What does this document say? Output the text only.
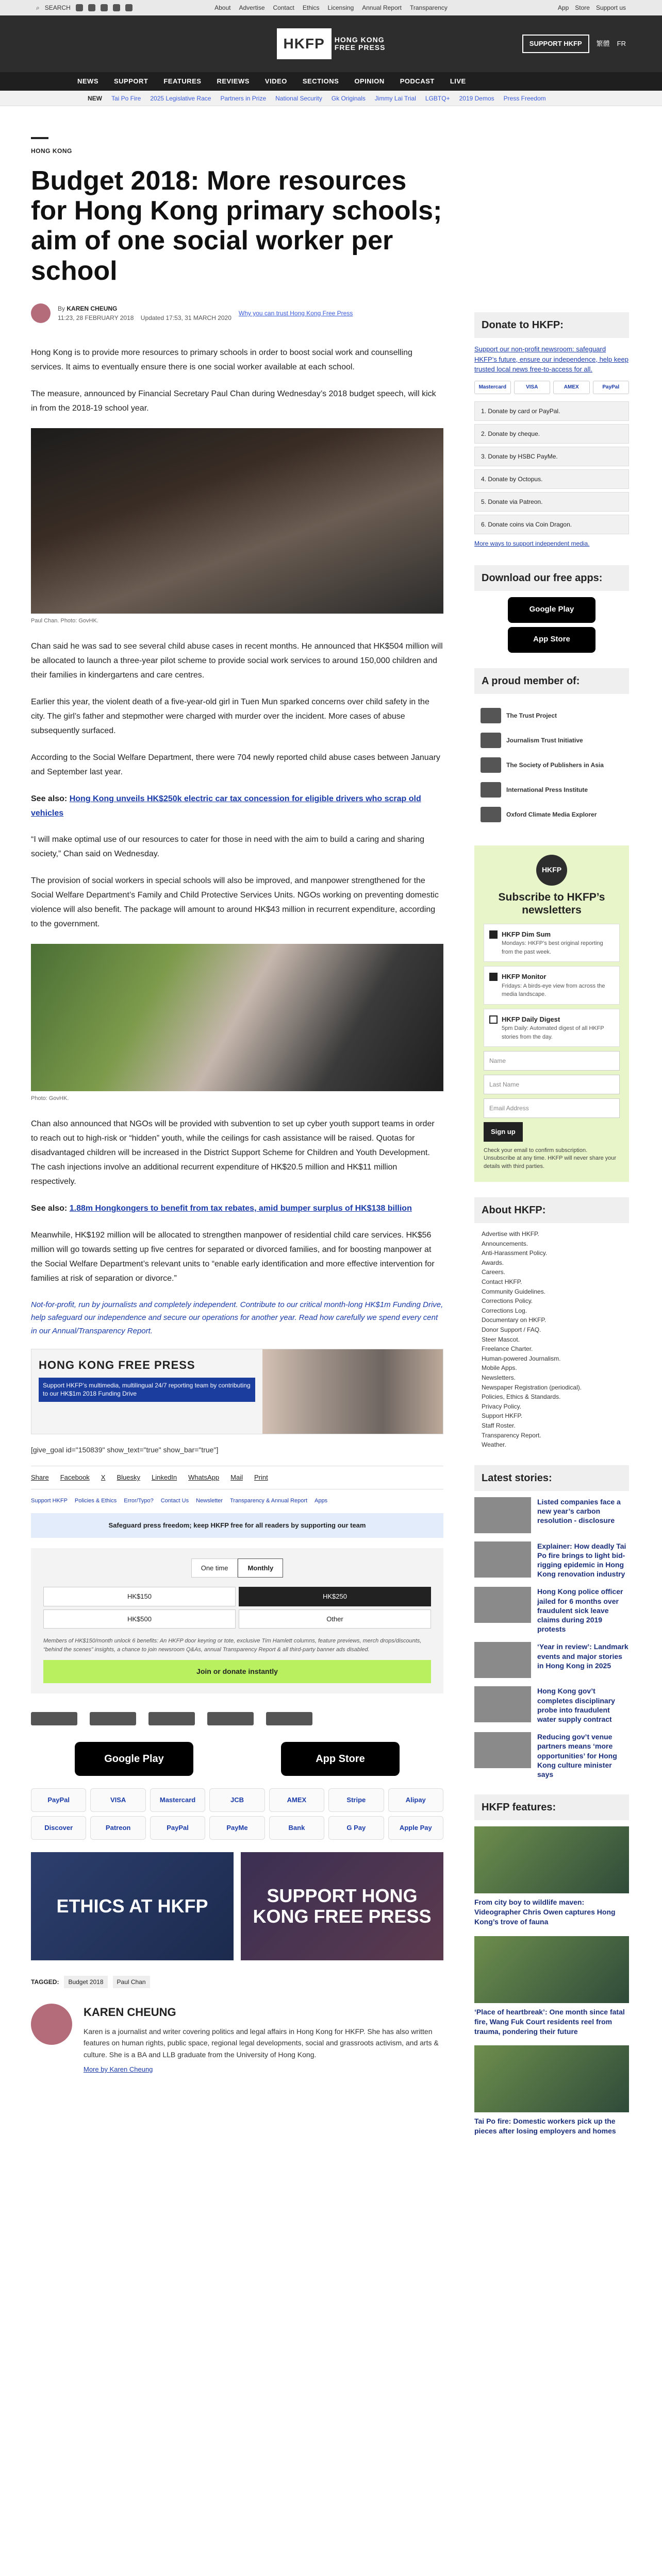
⌕ SEARCH	About Advertise Contact Ethics Licensing Annual Report Transparency	App Store Support us
HKFP	HONG KONG
FREE PRESS	SUPPORT HKFP	繁體 FR
NEWS SUPPORT FEATURES REVIEWS VIDEO SECTIONS OPINION PODCAST LIVE
NEW Tai Po Fire 2025 Legislative Race Partners in Prize National Security Gk Originals Jimmy Lai Trial LGBTQ+ 2019 Demos Press Freedom
HONG KONG
Budget 2018: More resources for Hong Kong primary schools; aim of one social worker per school
By KAREN CHEUNG
11:23, 28 FEBRUARY 2018 Updated 17:53, 31 MARCH 2020
Why you can trust Hong Kong Free Press

Hong Kong is to provide more resources to primary schools in order to boost social work and counselling services. It aims to eventually ensure there is one social worker available at each school.

The measure, announced by Financial Secretary Paul Chan during Wednesday’s 2018 budget speech, will kick in from the 2018-19 school year.

Paul Chan. Photo: GovHK.

Chan said he was sad to see several child abuse cases in recent months. He announced that HK$504 million will be allocated to launch a three-year pilot scheme to provide social work services to around 150,000 children and their families in kindergartens and care centres.

Earlier this year, the violent death of a five-year-old girl in Tuen Mun sparked concerns over child safety in the city. The girl’s father and stepmother were charged with murder over the incident. More cases of abuse subsequently surfaced.

According to the Social Welfare Department, there were 704 newly reported child abuse cases between January and September last year.

See also: Hong Kong unveils HK$250k electric car tax concession for eligible drivers who scrap old vehicles

“I will make optimal use of our resources to cater for those in need with the aim to build a caring and sharing society,” Chan said on Wednesday.

The provision of social workers in special schools will also be improved, and manpower strengthened for the Social Welfare Department’s Family and Child Protective Services Units. NGOs working on preventing domestic violence will also benefit. The package will amount to around HK$43 million in recurrent expenditure, according to the government.

Photo: GovHK.

Chan also announced that NGOs will be provided with subvention to set up cyber youth support teams in order to reach out to high-risk or “hidden” youth, while the ceilings for cash assistance will be raised. Quotas for disadvantaged children will be increased in the District Support Scheme for Children and Youth Development. The cash injections involve an additional recurrent expenditure of HK$20.5 million and HK$11 million respectively.

See also: 1.88m Hongkongers to benefit from tax rebates, amid bumper surplus of HK$138 billion

Meanwhile, HK$192 million will be allocated to strengthen manpower of residential child care services. HK$56 million will go towards setting up five centres for separated or divorced families, and for boosting manpower at the Social Welfare Department’s relevant units to “enable early identification and more effective intervention for families at risk of separation or divorce.”

Not-for-profit, run by journalists and completely independent. Contribute to our critical month-long HK$1m Funding Drive, help safeguard our independence and secure our operations for another year. Read how carefully we spend every cent in our Annual/Transparency Report.

HONG KONG FREE PRESS
Support HKFP’s multimedia, multilingual 24/7 reporting team by contributing to our HK$1m 2018 Funding Drive
[give_goal id="150839" show_text="true" show_bar="true"]
Share Facebook X Bluesky LinkedIn WhatsApp Mail Print
Support HKFP Policies & Ethics Error/Typo? Contact Us Newsletter Transparency & Annual Report Apps
Safeguard press freedom; keep HKFP free for all readers by supporting our team
One time	Monthly
HK$150	HK$250
HK$500	Other
Members of HK$150/month unlock 6 benefits: An HKFP door keyring or tote, exclusive Tim Hamlett columns, feature previews, merch drops/discounts, “behind the scenes” insights, a chance to join newsroom Q&As, annual Transparency Report & all third-party banner ads disabled.
Join or donate instantly
Google Play	App Store
PayPal	VISA	Mastercard	JCB	AMEX	Stripe	Alipay
Discover	Patreon	PayPal	PayMe	Bank	G Pay	Apple Pay
ETHICS AT HKFP	SUPPORT HONG KONG FREE PRESS
TAGGED:	Budget 2018	Paul Chan
KAREN CHEUNG
Karen is a journalist and writer covering politics and legal affairs in Hong Kong for HKFP. She has also written features on human rights, public space, regional legal developments, social and grassroots activism, and arts & culture. She is a BA and LLB graduate from the University of Hong Kong.
More by Karen Cheung
Donate to HKFP:
Support our non-profit newsroom: safeguard HKFP’s future, ensure our independence, help keep trusted local news free-to-access for all.
Mastercard	VISA	AMEX	PayPal
1. Donate by card or PayPal.
2. Donate by cheque.
3. Donate by HSBC PayMe.
4. Donate by Octopus.
5. Donate via Patreon.
6. Donate coins via Coin Dragon.
More ways to support independent media.
Download our free apps:
Google Play
App Store
A proud member of:
The Trust Project
Journalism Trust Initiative
The Society of Publishers in Asia
International Press Institute
Oxford Climate Media Explorer
HKFP
Subscribe to HKFP’s newsletters
HKFP Dim Sum
Mondays: HKFP’s best original reporting from the past week.
HKFP Monitor
Fridays: A birds-eye view from across the media landscape.
HKFP Daily Digest
5pm Daily: Automated digest of all HKFP stories from the day.
Name
Last Name
Email Address
Sign up
Check your email to confirm subscription. Unsubscribe at any time. HKFP will never share your details with third parties.
About HKFP:
Advertise with HKFP.
Announcements.
Anti-Harassment Policy.
Awards.
Careers.
Contact HKFP.
Community Guidelines.
Corrections Policy.
Corrections Log.
Documentary on HKFP.
Donor Support / FAQ.
Steer Mascot.
Freelance Charter.
Human-powered Journalism.
Mobile Apps.
Newsletters.
Newspaper Registration (periodical).
Policies, Ethics & Standards.
Privacy Policy.
Support HKFP.
Staff Roster.
Transparency Report.
Weather.
Latest stories:
Listed companies face a new year’s carbon resolution - disclosure
Explainer: How deadly Tai Po fire brings to light bid-rigging epidemic in Hong Kong renovation industry
Hong Kong police officer jailed for 6 months over fraudulent sick leave claims during 2019 protests
‘Year in review’: Landmark events and major stories in Hong Kong in 2025
Hong Kong gov’t completes disciplinary probe into fraudulent water supply contract
Reducing gov’t venue partners means ‘more opportunities’ for Hong Kong culture minister says
HKFP features:
From city boy to wildlife maven: Videographer Chris Owen captures Hong Kong’s trove of fauna
‘Place of heartbreak’: One month since fatal fire, Wang Fuk Court residents reel from trauma, pondering their future
Tai Po fire: Domestic workers pick up the pieces after losing employers and homes
